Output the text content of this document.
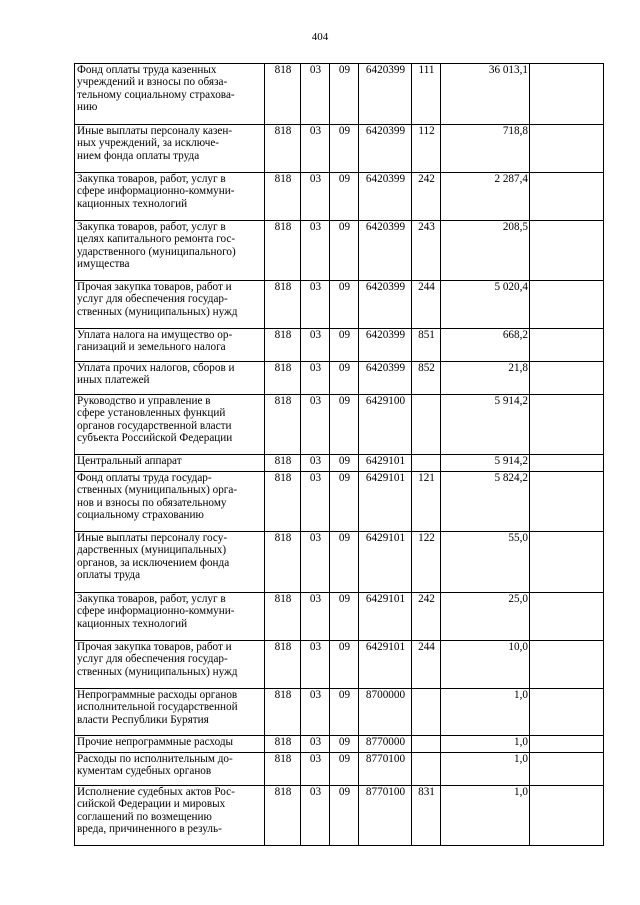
404
Фонд оплаты труда казенных
учреждений и взносы по обяза-
тельному социальному страхова-
нию	818	03	09	6420399	111	36 013,1	
Иные выплаты персоналу казен-
ных учреждений, за исключе-
нием фонда оплаты труда	818	03	09	6420399	112	718,8	
Закупка товаров, работ, услуг в
сфере информационно-коммуни-
кационных технологий	818	03	09	6420399	242	2 287,4	
Закупка товаров, работ, услуг в
целях капитального ремонта гос-
ударственного (муниципального)
имущества	818	03	09	6420399	243	208,5	
Прочая закупка товаров, работ и
услуг для обеспечения государ-
ственных (муниципальных) нужд	818	03	09	6420399	244	5 020,4	
Уплата налога на имущество ор-
ганизаций и земельного налога	818	03	09	6420399	851	668,2	
Уплата прочих налогов, сборов и
иных платежей	818	03	09	6420399	852	21,8	
Руководство и управление в
сфере установленных функций
органов государственной власти
субъекта Российской Федерации	818	03	09	6429100		5 914,2	
Центральный аппарат	818	03	09	6429101		5 914,2	
Фонд оплаты труда государ-
ственных (муниципальных) орга-
нов и взносы по обязательному
социальному страхованию	818	03	09	6429101	121	5 824,2	
Иные выплаты персоналу госу-
дарственных (муниципальных)
органов, за исключением фонда
оплаты труда	818	03	09	6429101	122	55,0	
Закупка товаров, работ, услуг в
сфере информационно-коммуни-
кационных технологий	818	03	09	6429101	242	25,0	
Прочая закупка товаров, работ и
услуг для обеспечения государ-
ственных (муниципальных) нужд	818	03	09	6429101	244	10,0	
Непрограммные расходы органов
исполнительной государственной
власти Республики Бурятия	818	03	09	8700000		1,0	
Прочие непрограммные расходы	818	03	09	8770000		1,0	
Расходы по исполнительным до-
кументам судебных органов	818	03	09	8770100		1,0	
Исполнение судебных актов Рос-
сийской Федерации и мировых
соглашений по возмещению
вреда, причиненного в резуль-	818	03	09	8770100	831	1,0	
